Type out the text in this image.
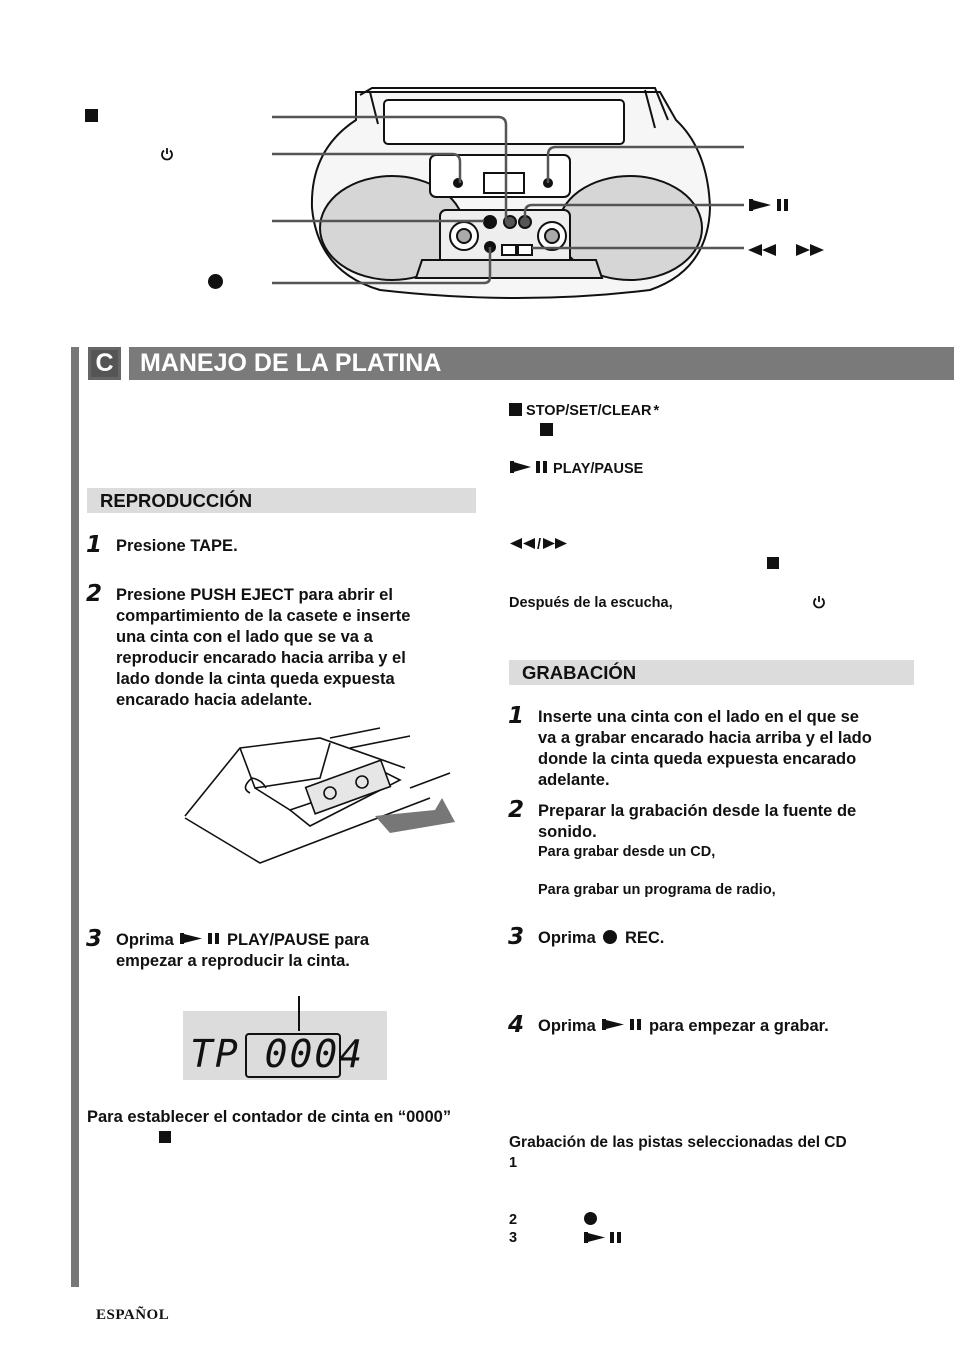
C MANEJO DE LA PLATINA
REPRODUCCIÓN
1 Presione TAPE.
2 Presione PUSH EJECT para abrir el
compartimiento de la casete e inserte
una cinta con el lado que se va a
reproducir encarado hacia arriba y el
lado donde la cinta queda expuesta
encarado hacia adelante.
3 Oprima	PLAY/PAUSE para
empezar a reproducir la cinta.
TP 0004
Para establecer el contador de cinta en “0000”
STOP/SET/CLEAR *
PLAY/PAUSE
/
Después de la escucha,
GRABACIÓN
1 Inserte una cinta con el lado en el que se
va a grabar encarado hacia arriba y el lado
donde la cinta queda expuesta encarado
adelante.
2 Preparar la grabación desde la fuente de
sonido.
Para grabar desde un CD,
Para grabar un programa de radio,
3 Oprima REC.
4 Oprima	para empezar a grabar.
Grabación de las pistas seleccionadas del CD
1
2
3
ESPAÑOL
